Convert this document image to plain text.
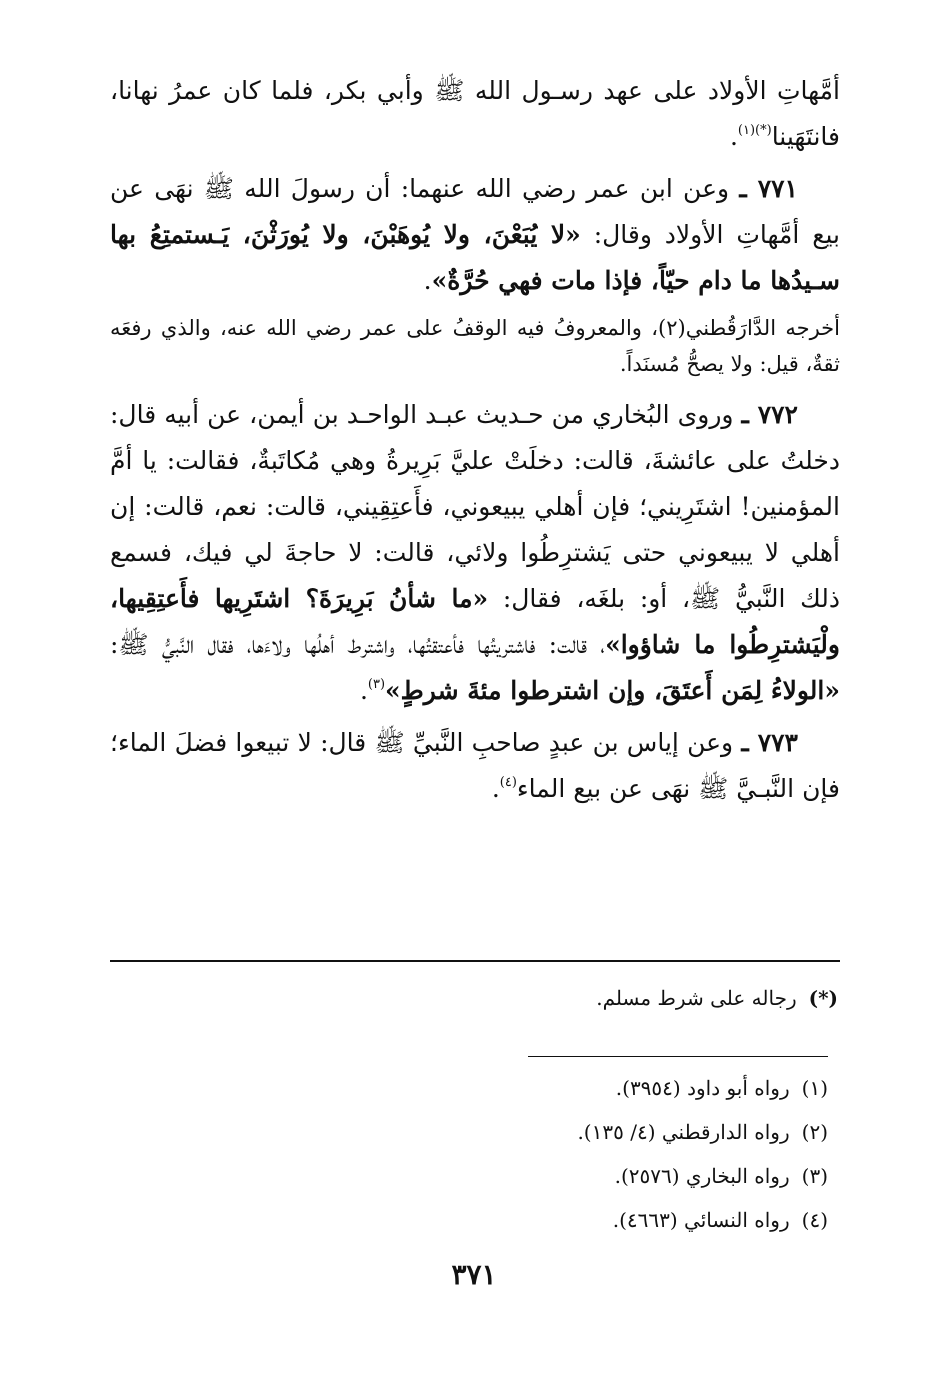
أمَّهاتِ الأولاد على عهد رسـول الله ﷺ وأبي بكر، فلما كان عمرُ نهانا، فانتَهَينا$^{(*)(١)}$.

٧٧١ ـ وعن ابن عمر رضي الله عنهما: أن رسولَ الله ﷺ نهَى عن بيع أمَّهاتِ الأولاد وقال: «لا يُبَعْنَ، ولا يُوهَبْنَ، ولا يُورَثْنَ، يَـستمتِعُ بها سـيدُها ما دام حيّاً، فإذا مات فهي حُرَّةٌ».

أخرجه الدَّارَقُطني(٢)، والمعروفُ فيه الوقفُ على عمر رضي الله عنه، والذي رفعَه ثقةٌ، قيل: ولا يصحُّ مُسنَداً.

٧٧٢ ـ وروى البُخاري من حـديث عبـد الواحـد بن أيمن، عن أبيه قال: دخلتُ على عائشةَ، قالت: دخلَتْ عليَّ بَرِيرةُ وهي مُكاتَبةٌ، فقالت: يا أمَّ المؤمنين! اشتَرِيني؛ فإن أهلي يبيعوني، فأَعتِقِيني، قالت: نعم، قالت: إن أهلي لا يبيعوني حتى يَشترِطُوا ولائي، قالت: لا حاجةَ لي فيك، فسمع ذلك النَّبيُّ ﷺ، أو: بلغَه، فقال: «ما شأنُ بَرِيرَةَ؟ اشتَرِيها فأَعتِقِيها، ولْيَشترِطُوا ما شاؤوا»، قالت: فاشتريتُها فأعتقتُها، واشترط أهلُها ولاءَها، فقال النَّبيُّ ﷺ: «الولاءُ لِمَن أَعتَقَ، وإن اشترطوا مئةَ شرطٍ»$^{(٣)}$.

٧٧٣ ـ وعن إياس بن عبدٍ صاحبِ النَّبيِّ ﷺ قال: لا تبيعوا فضلَ الماء؛ فإن النَّبـيَّ ﷺ نهَى عن بيع الماء$^{(٤)}$.

(*)رجاله على شرط مسلم.
(١)رواه أبو داود (٣٩٥٤).
(٢)رواه الدارقطني (٤/ ١٣٥).
(٣)رواه البخاري (٢٥٧٦).
(٤)رواه النسائي (٤٦٦٣).
٣٧١
